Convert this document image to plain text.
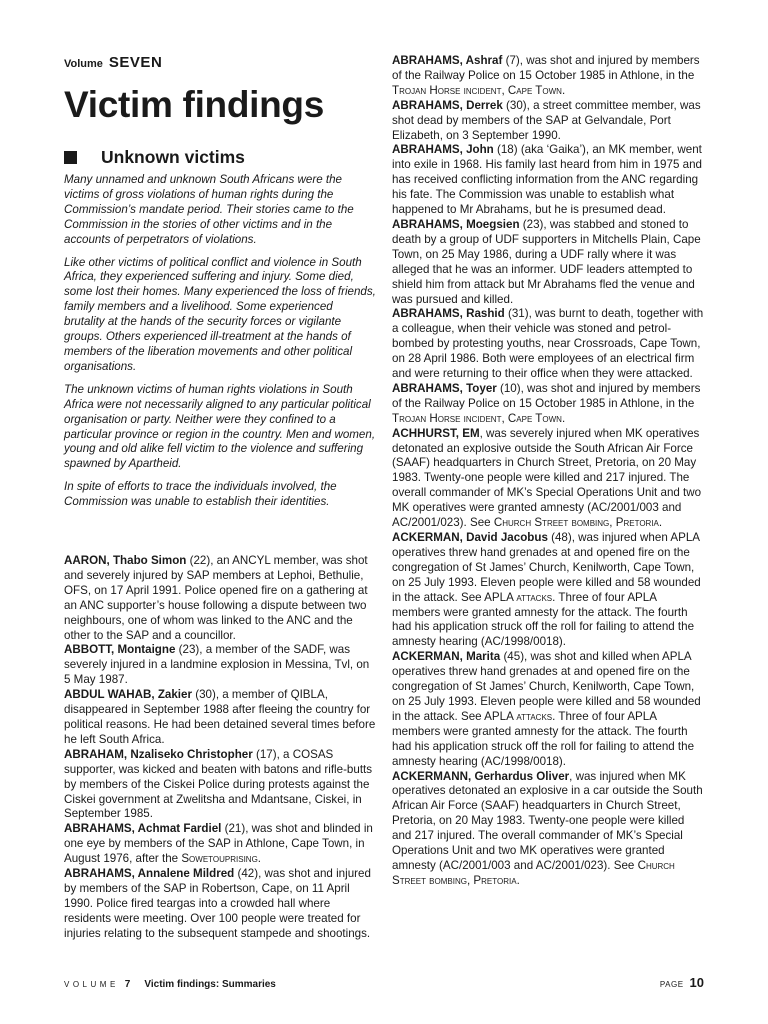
Volume SEVEN
Victim findings
Unknown victims

Many unnamed and unknown South Africans were the victims of gross violations of human rights during the Commission’s mandate period. Their stories came to the Commission in the stories of other victims and in the accounts of perpetrators of violations.

Like other victims of political conflict and violence in South Africa, they experienced suffering and injury. Some died, some lost their homes. Many experienced the loss of friends, family members and a livelihood. Some experienced brutality at the hands of the security forces or vigilante groups. Others experienced ill-treatment at the hands of members of the liberation movements and other political organisations.

The unknown victims of human rights violations in South Africa were not necessarily aligned to any particular political organisation or party. Neither were they confined to a particular province or region in the country. Men and women, young and old alike fell victim to the violence and suffering spawned by Apartheid.

In spite of efforts to trace the individuals involved, the Commission was unable to establish their identities.

AARON, Thabo Simon (22), an ANCYL member, was shot and severely injured by SAP members at Lephoi, Bethulie, OFS, on 17 April 1991. Police opened fire on a gathering at an ANC supporter’s house following a dispute between two neighbours, one of whom was linked to the ANC and the other to the SAP and a councillor.

ABBOTT, Montaigne (23), a member of the SADF, was severely injured in a landmine explosion in Messina, Tvl, on 5 May 1987.

ABDUL WAHAB, Zakier (30), a member of QIBLA, disappeared in September 1988 after fleeing the country for political reasons. He had been detained several times before he left South Africa.

ABRAHAM, Nzaliseko Christopher (17), a COSAS supporter, was kicked and beaten with batons and rifle-butts by members of the Ciskei Police during protests against the Ciskei government at Zwelitsha and Mdantsane, Ciskei, in September 1985.

ABRAHAMS, Achmat Fardiel (21), was shot and blinded in one eye by members of the SAP in Athlone, Cape Town, in August 1976, after the Sowetouprising.

ABRAHAMS, Annalene Mildred (42), was shot and injured by members of the SAP in Robertson, Cape, on 11 April 1990. Police fired teargas into a crowded hall where residents were meeting. Over 100 people were treated for injuries relating to the subsequent stampede and shootings.

ABRAHAMS, Ashraf (7), was shot and injured by members of the Railway Police on 15 October 1985 in Athlone, in the Trojan Horse incident, Cape Town.

ABRAHAMS, Derrek (30), a street committee member, was shot dead by members of the SAP at Gelvandale, Port Elizabeth, on 3 September 1990.

ABRAHAMS, John (18) (aka ‘Gaika’), an MK member, went into exile in 1968. His family last heard from him in 1975 and has received conflicting information from the ANC regarding his fate. The Commission was unable to establish what happened to Mr Abrahams, but he is presumed dead.

ABRAHAMS, Moegsien (23), was stabbed and stoned to death by a group of UDF supporters in Mitchells Plain, Cape Town, on 25 May 1986, during a UDF rally where it was alleged that he was an informer. UDF leaders attempted to shield him from attack but Mr Abrahams fled the venue and was pursued and killed.

ABRAHAMS, Rashid (31), was burnt to death, together with a colleague, when their vehicle was stoned and petrol-bombed by protesting youths, near Crossroads, Cape Town, on 28 April 1986. Both were employees of an electrical firm and were returning to their office when they were attacked.

ABRAHAMS, Toyer (10), was shot and injured by members of the Railway Police on 15 October 1985 in Athlone, in the Trojan Horse incident, Cape Town.

ACHHURST, EM, was severely injured when MK operatives detonated an explosive outside the South African Air Force (SAAF) headquarters in Church Street, Pretoria, on 20 May 1983. Twenty-one people were killed and 217 injured. The overall commander of MK’s Special Operations Unit and two MK operatives were granted amnesty (AC/2001/003 and AC/2001/023). See Church Street bombing, Pretoria.

ACKERMAN, David Jacobus (48), was injured when APLA operatives threw hand grenades at and opened fire on the congregation of St James’ Church, Kenilworth, Cape Town, on 25 July 1993. Eleven people were killed and 58 wounded in the attack. See APLA attacks. Three of four APLA members were granted amnesty for the attack. The fourth had his application struck off the roll for failing to attend the amnesty hearing (AC/1998/0018).

ACKERMAN, Marita (45), was shot and killed when APLA operatives threw hand grenades at and opened fire on the congregation of St James’ Church, Kenilworth, Cape Town, on 25 July 1993. Eleven people were killed and 58 wounded in the attack. See APLA attacks. Three of four APLA members were granted amnesty for the attack. The fourth had his application struck off the roll for failing to attend the amnesty hearing (AC/1998/0018).

ACKERMANN, Gerhardus Oliver, was injured when MK operatives detonated an explosive in a car outside the South African Air Force (SAAF) headquarters in Church Street, Pretoria, on 20 May 1983. Twenty-one people were killed and 217 injured. The overall commander of MK’s Special Operations Unit and two MK operatives were granted amnesty (AC/2001/003 and AC/2001/023). See Church Street bombing, Pretoria.

VOLUME 7 Victim findings: Summaries	PAGE 10
